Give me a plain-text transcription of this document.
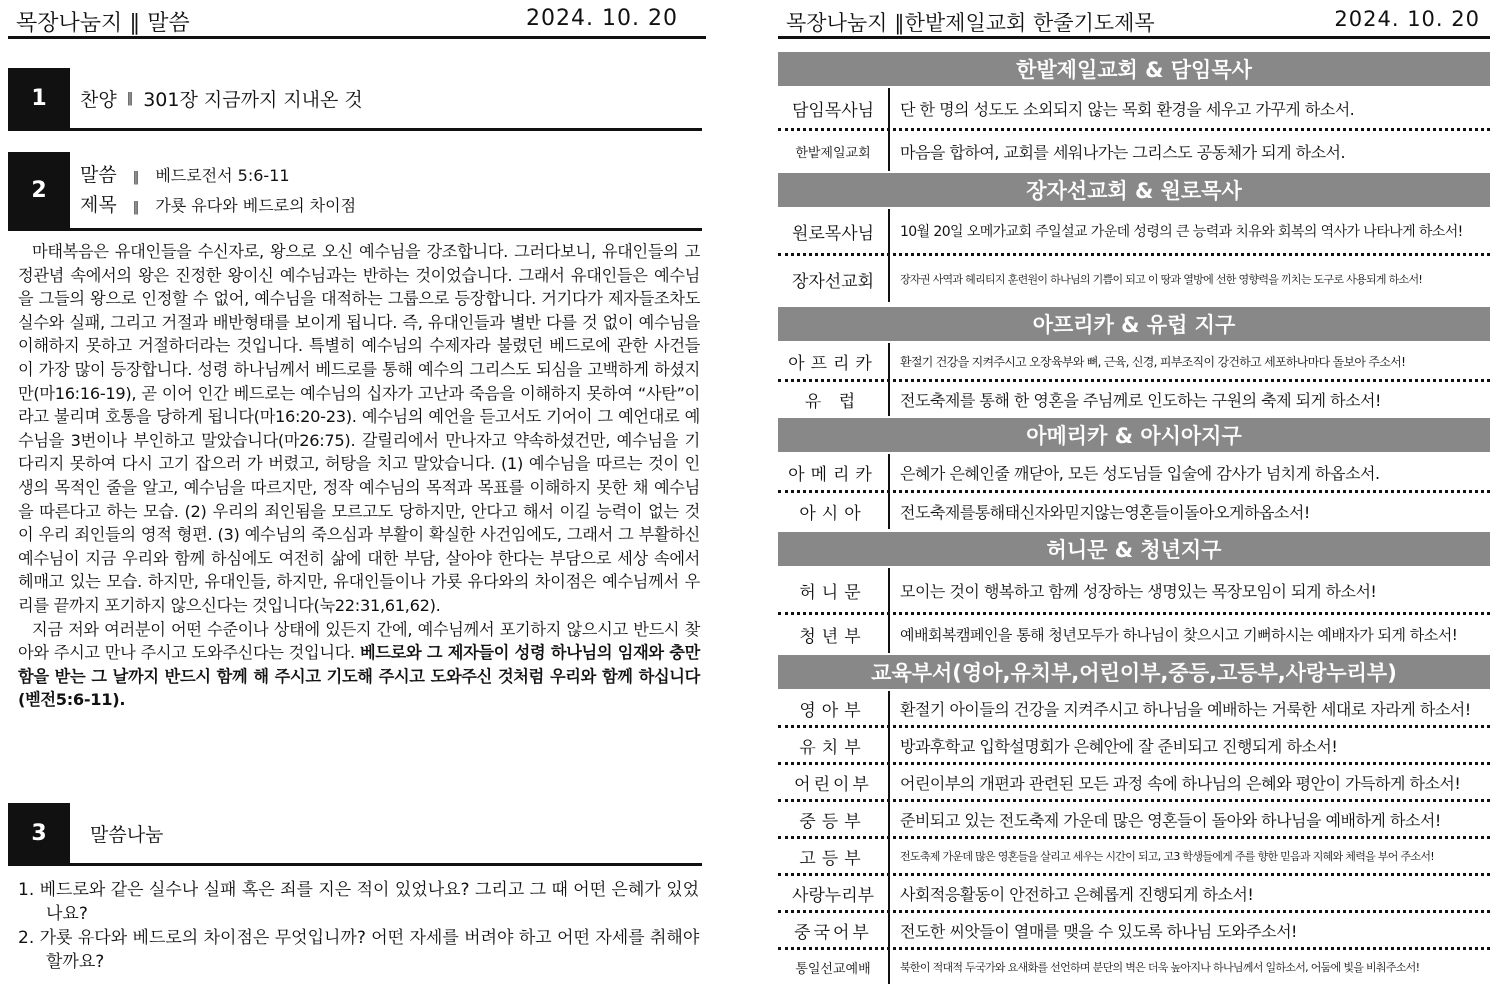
목장나눔지 ∥ 말씀	2024. 10. 20
1	찬양 ‖ 301장 지금까지 지내온 것
2
말씀 ‖ 베드로전서 5:6-11
제목 ‖ 가룟 유다와 베드로의 차이점

마태복음은 유대인들을 수신자로, 왕으로 오신 예수님을 강조합니다. 그러다보니, 유대인들의 고정관념 속에서의 왕은 진정한 왕이신 예수님과는 반하는 것이었습니다. 그래서 유대인들은 예수님을 그들의 왕으로 인정할 수 없어, 예수님을 대적하는 그룹으로 등장합니다. 거기다가 제자들조차도 실수와 실패, 그리고 거절과 배반형태를 보이게 됩니다. 즉, 유대인들과 별반 다를 것 없이 예수님을 이해하지 못하고 거절하더라는 것입니다. 특별히 예수님의 수제자라 불렸던 베드로에 관한 사건들이 가장 많이 등장합니다. 성령 하나님께서 베드로를 통해 예수의 그리스도 되심을 고백하게 하셨지만(마16:16-19), 곧 이어 인간 베드로는 예수님의 십자가 고난과 죽음을 이해하지 못하여 “사탄”이라고 불리며 호통을 당하게 됩니다(마16:20-23). 예수님의 예언을 듣고서도 기어이 그 예언대로 예수님을 3번이나 부인하고 말았습니다(마26:75). 갈릴리에서 만나자고 약속하셨건만, 예수님을 기다리지 못하여 다시 고기 잡으러 가 버렸고, 허탕을 치고 말았습니다. (1) 예수님을 따르는 것이 인생의 목적인 줄을 알고, 예수님을 따르지만, 정작 예수님의 목적과 목표를 이해하지 못한 채 예수님을 따른다고 하는 모습. (2) 우리의 죄인됨을 모르고도 당하지만, 안다고 해서 이길 능력이 없는 것이 우리 죄인들의 영적 형편. (3) 예수님의 죽으심과 부활이 확실한 사건임에도, 그래서 그 부활하신 예수님이 지금 우리와 함께 하심에도 여전히 삶에 대한 부담, 살아야 한다는 부담으로 세상 속에서 헤매고 있는 모습. 하지만, 유대인들, 하지만, 유대인들이나 가룟 유다와의 차이점은 예수님께서 우리를 끝까지 포기하지 않으신다는 것입니다(눅22:31,61,62).

지금 저와 여러분이 어떤 수준이나 상태에 있든지 간에, 예수님께서 포기하지 않으시고 반드시 찾아와 주시고 만나 주시고 도와주신다는 것입니다. 베드로와 그 제자들이 성령 하나님의 임재와 충만함을 받는 그 날까지 반드시 함께 해 주시고 기도해 주시고 도와주신 것처럼 우리와 함께 하십니다(벧전5:6-11).

3	말씀나눔
1. 베드로와 같은 실수나 실패 혹은 죄를 지은 적이 있었나요? 그리고 그 때 어떤 은혜가 있었나요?
2. 가룟 유다와 베드로의 차이점은 무엇입니까? 어떤 자세를 버려야 하고 어떤 자세를 취해야 할까요?
목장나눔지 ∥한밭제일교회 한줄기도제목	2024. 10. 20
한밭제일교회 & 담임목사
담임목사님	단 한 명의 성도도 소외되지 않는 목회 환경을 세우고 가꾸게 하소서.
한밭제일교회	마음을 합하여, 교회를 세워나가는 그리스도 공동체가 되게 하소서.
장자선교회 & 원로목사
원로목사님	10월 20일 오메가교회 주일설교 가운데 성령의 큰 능력과 치유와 회복의 역사가 나타나게 하소서!
장자선교회	장자권 사역과 헤리티지 훈련원이 하나님의 기쁨이 되고 이 땅과 열방에 선한 영향력을 끼치는 도구로 사용되게 하소서!
아프리카 & 유럽 지구
아프리카	환절기 건강을 지켜주시고 오장육부와 뼈, 근육, 신경, 피부조직이 강건하고 세포하나마다 돌보아 주소서!
유 럽	전도축제를 통해 한 영혼을 주님께로 인도하는 구원의 축제 되게 하소서!
아메리카 & 아시아지구
아메리카	은혜가 은혜인줄 깨닫아, 모든 성도님들 입술에 감사가 넘치게 하옵소서.
아시아	전도축제를통해태신자와믿지않는영혼들이돌아오게하옵소서!
허니문 & 청년지구
허니문	모이는 것이 행복하고 함께 성장하는 생명있는 목장모임이 되게 하소서!
청년부	예배회복캠페인을 통해 청년모두가 하나님이 찾으시고 기뻐하시는 예배자가 되게 하소서!
교육부서(영아,유치부,어린이부,중등,고등부,사랑누리부)
영아부	환절기 아이들의 건강을 지켜주시고 하나님을 예배하는 거룩한 세대로 자라게 하소서!
유치부	방과후학교 입학설명회가 은혜안에 잘 준비되고 진행되게 하소서!
어린이부	어린이부의 개편과 관련된 모든 과정 속에 하나님의 은혜와 평안이 가득하게 하소서!
중등부	준비되고 있는 전도축제 가운데 많은 영혼들이 돌아와 하나님을 예배하게 하소서!
고등부	전도축제 가운데 많은 영혼들을 살리고 세우는 시간이 되고, 고3 학생들에게 주를 향한 믿음과 지혜와 체력을 부어 주소서!
사랑누리부	사회적응활동이 안전하고 은혜롭게 진행되게 하소서!
중국어부	전도한 씨앗들이 열매를 맺을 수 있도록 하나님 도와주소서!
통일선교예배	북한이 적대적 두국가와 요새화를 선언하며 분단의 벽은 더욱 높아지나 하나님께서 일하소서, 어둠에 빛을 비춰주소서!
